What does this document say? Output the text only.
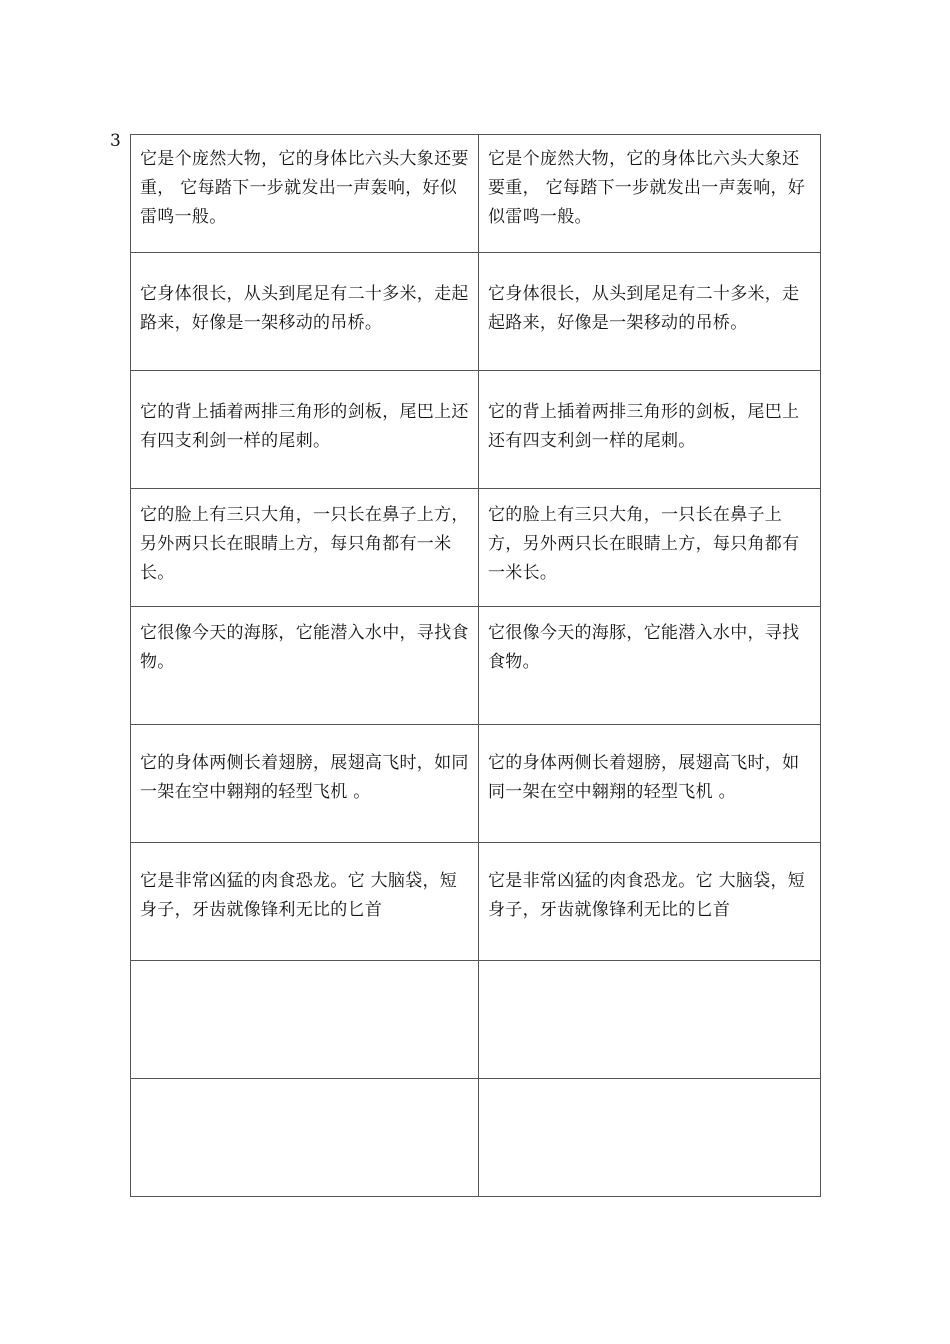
3
它是个庞然大物，它的身体比六头大象还要重， 它每踏下一步就发出一声轰响，好似雷鸣一般。	它是个庞然大物，它的身体比六头大象还要重， 它每踏下一步就发出一声轰响，好似雷鸣一般。
它身体很长，从头到尾足有二十多米，走起路来，好像是一架移动的吊桥。	它身体很长，从头到尾足有二十多米，走起路来，好像是一架移动的吊桥。
它的背上插着两排三角形的剑板，尾巴上还有四支利剑一样的尾刺。	它的背上插着两排三角形的剑板，尾巴上还有四支利剑一样的尾刺。
它的脸上有三只大角，一只长在鼻子上方，另外两只长在眼睛上方，每只角都有一米长。	它的脸上有三只大角，一只长在鼻子上方，另外两只长在眼睛上方，每只角都有一米长。
它很像今天的海豚，它能潜入水中，寻找食物。	它很像今天的海豚，它能潜入水中，寻找食物。
它的身体两侧长着翅膀，展翅高飞时，如同一架在空中翱翔的轻型飞机 。	它的身体两侧长着翅膀，展翅高飞时，如同一架在空中翱翔的轻型飞机 。
它是非常凶猛的肉食恐龙。它 大脑袋，短身子，牙齿就像锋利无比的匕首	它是非常凶猛的肉食恐龙。它 大脑袋，短身子，牙齿就像锋利无比的匕首
